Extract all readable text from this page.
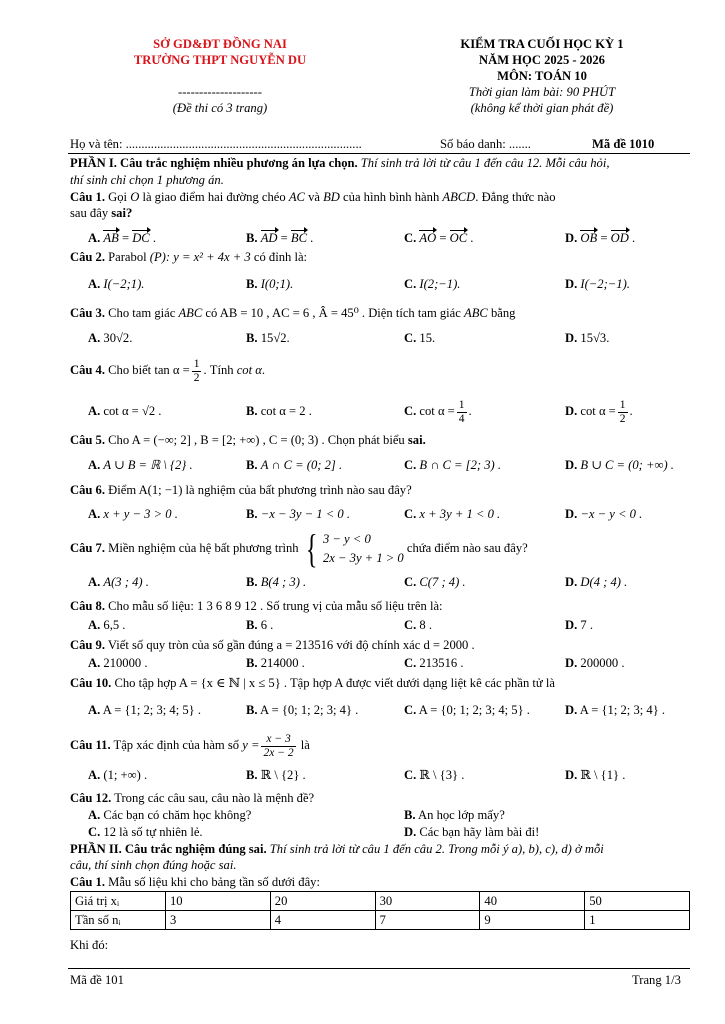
SỞ GD&ĐT ĐỒNG NAI
TRƯỜNG THPT NGUYỄN DU
--------------------
(Đề thi có 3 trang)
KIỂM TRA CUỐI HỌC KỲ 1
NĂM HỌC 2025 - 2026
MÔN: TOÁN 10
Thời gian làm bài: 90 PHÚT
(không kể thời gian phát đề)
Họ và tên: ...........................................................................	Số báo danh: .......	Mã đề 1010
PHẦN I. Câu trắc nghiệm nhiều phương án lựa chọn. Thí sinh trả lời từ câu 1 đến câu 12. Mỗi câu hỏi,
thí sinh chỉ chọn 1 phương án.
Câu 1. Gọi O là giao điểm hai đường chéo AC và BD của hình bình hành ABCD. Đẳng thức nào
sau đây sai?
A. AB = DC .	B. AD = BC .	C. AO = OC .	D. OB = OD .
Câu 2. Parabol (P): y = x² + 4x + 3 có đỉnh là:
A. I(−2;1).	B. I(0;1).	C. I(2;−1).	D. I(−2;−1).
Câu 3. Cho tam giác ABC có AB = 10 , AC = 6 , Â = 45⁰ . Diện tích tam giác ABC bằng
A. 30√2.	B. 15√2.	C. 15.	D. 15√3.
Câu 4. Cho biết $\tan \alpha = \frac{1}{2}$ . Tính cot α.
A. cot α = √2 .	B. cot α = 2 .	C. $\cot \alpha = \frac{1}{4}$ .	D. $\cot \alpha = \frac{1}{2}$ .
Câu 5. Cho A = (−∞; 2] , B = [2; +∞) , C = (0; 3) . Chọn phát biểu sai.
A. A ∪ B = ℝ \ {2} .	B. A ∩ C = (0; 2] .	C. B ∩ C = [2; 3) .	D. B ∪ C = (0; +∞) .
Câu 6. Điểm A(1; −1) là nghiệm của bất phương trình nào sau đây?
A. x + y − 3 > 0 .	B. −x − 3y − 1 < 0 .	C. x + 3y + 1 < 0 .	D. −x − y < 0 .
Câu 7. Miền nghiệm của hệ bất phương trình { 3 − y < 0
2x − 3y + 1 > 0
chứa điểm nào sau đây?
A. A(3 ; 4) .	B. B(4 ; 3) .	C. C(7 ; 4) .	D. D(4 ; 4) .
Câu 8. Cho mẫu số liệu: 1 3 6 8 9 12 . Số trung vị của mẫu số liệu trên là:
A. 6,5 .	B. 6 .	C. 8 .	D. 7 .
Câu 9. Viết số quy tròn của số gần đúng a = 213516 với độ chính xác d = 2000 .
A. 210000 .	B. 214000 .	C. 213516 .	D. 200000 .
Câu 10. Cho tập hợp A = {x ∈ ℕ | x ≤ 5} . Tập hợp A được viết dưới dạng liệt kê các phần tử là
A. A = {1; 2; 3; 4; 5} .	B. A = {0; 1; 2; 3; 4} .	C. A = {0; 1; 2; 3; 4; 5} .	D. A = {1; 2; 3; 4} .
Câu 11. Tập xác định của hàm số $y = \frac{x - 3}{2x - 2}$ là
A. (1; +∞) .	B. ℝ \ {2} .	C. ℝ \ {3} .	D. ℝ \ {1} .
Câu 12. Trong các câu sau, câu nào là mệnh đề?
A. Các bạn có chăm học không?	B. An học lớp mấy?
C. 12 là số tự nhiên lẻ.	D. Các bạn hãy làm bài đi!
PHẦN II. Câu trắc nghiệm đúng sai. Thí sinh trả lời từ câu 1 đến câu 2. Trong mỗi ý a), b), c), d) ở mỗi
câu, thí sinh chọn đúng hoặc sai.
Câu 1. Mẫu số liệu khi cho bảng tần số dưới đây:
Giá trị xᵢ	10	20	30	40	50
Tần số nᵢ	3	4	7	9	1
Khi đó:
Mã đề 101	Trang 1/3
